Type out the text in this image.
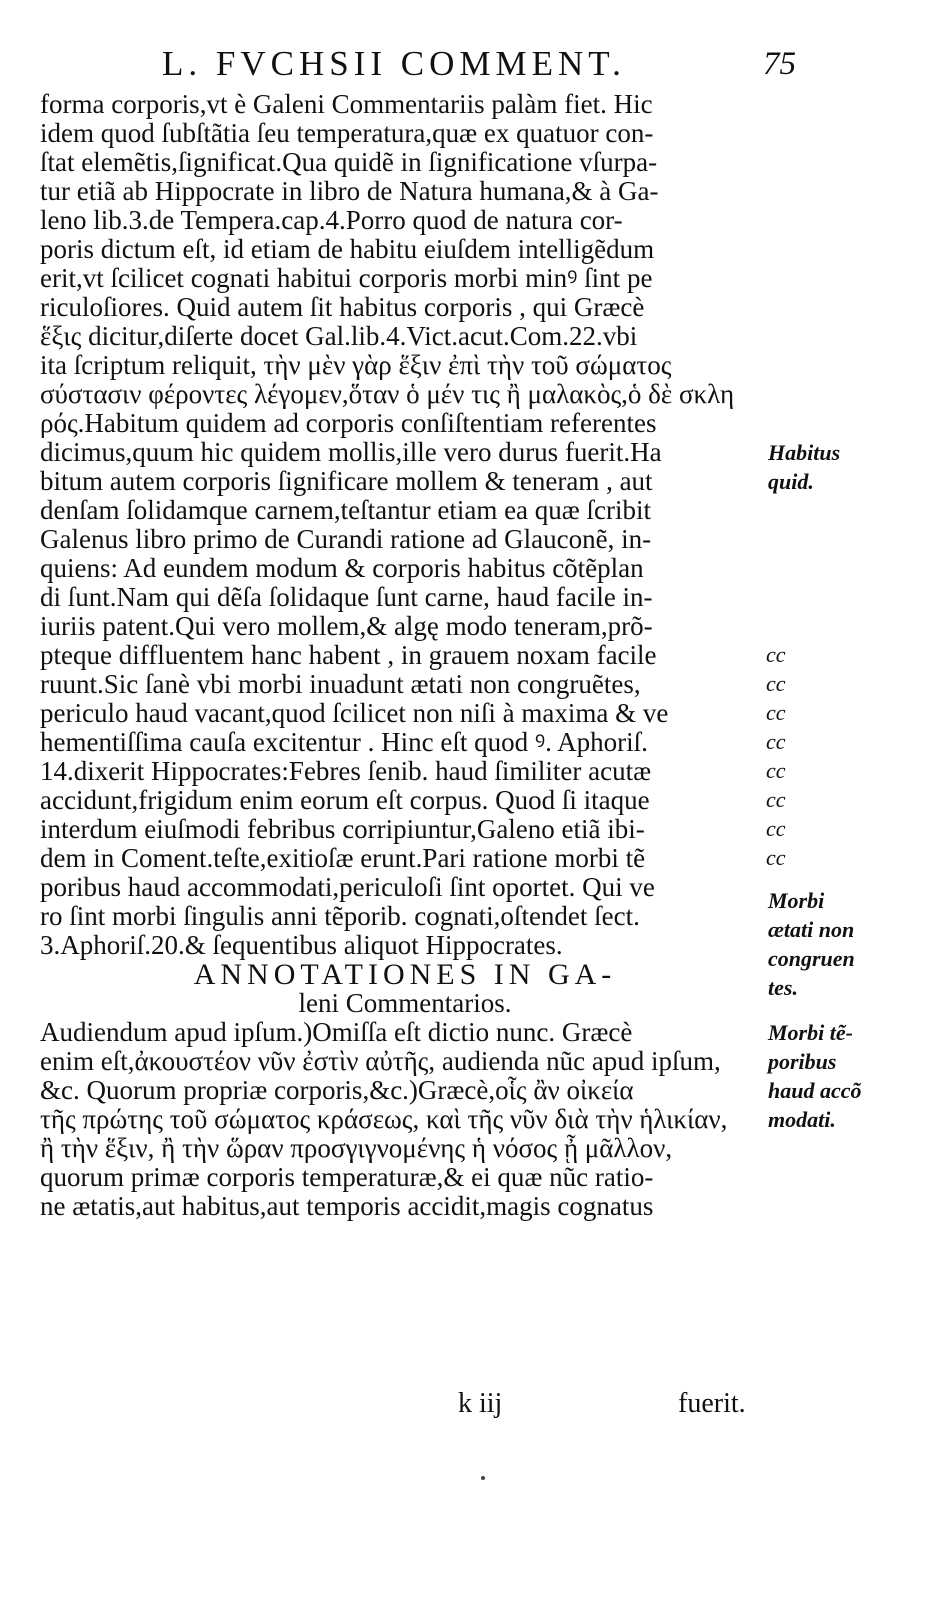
L. FVCHSII COMMENT.	75
forma corporis,vt è Galeni Commentariis palàm fiet. Hic
idem quod ſubſtãtia ſeu temperatura,quæ ex quatuor con-
ſtat elemẽtis,ſignificat.Qua quidẽ in ſignificatione vſurpa-
tur etiã ab Hippocrate in libro de Natura humana,& à Ga-
leno lib.3.de Tempera.cap.4.Porro quod de natura cor-
poris dictum eſt, id etiam de habitu eiuſdem intelligẽdum
erit,vt ſcilicet cognati habitui corporis morbi minꝰ ſint pe
riculoſiores. Quid autem ſit habitus corporis , qui Græcè
ἕξις dicitur,diſerte docet Gal.lib.4.Vict.acut.Com.22.vbi
ita ſcriptum reliquit, τὴν μὲν γὰρ ἕξιν ἐπὶ τὴν τοῦ σώματος
σύστασιν φέροντες λέγομεν,ὅταν ὁ μέν τις ἢ μαλακὸς,ὁ δὲ σκλη
ρός.Habitum quidem ad corporis conſiſtentiam referentes
dicimus,quum hic quidem mollis,ille vero durus fuerit.Ha
bitum autem corporis ſignificare mollem & teneram , aut
denſam ſolidamque carnem,teſtantur etiam ea quæ ſcribit
Galenus libro primo de Curandi ratione ad Glauconẽ, in-
quiens: Ad eundem modum & corporis habitus cõtẽplan
di ſunt.Nam qui dẽſa ſolidaque ſunt carne, haud facile in-
iuriis patent.Qui vero mollem,& algę modo teneram,prõ-
pteque diffluentem hanc habent , in grauem noxam facile
ruunt.Sic ſanè vbi morbi inuadunt ætati non congruẽtes,
periculo haud vacant,quod ſcilicet non niſi à maxima & ve
hementiſſima cauſa excitentur . Hinc eſt quod ꝰ. Aphoriſ.
14.dixerit Hippocrates:Febres ſenib. haud ſimiliter acutæ
accidunt,frigidum enim eorum eſt corpus. Quod ſi itaque
interdum eiuſmodi febribus corripiuntur,Galeno etiã ibi-
dem in Coment.teſte,exitioſæ erunt.Pari ratione morbi tẽ
poribus haud accommodati,periculoſi ſint oportet. Qui ve
ro ſint morbi ſingulis anni tẽporib. cognati,oſtendet ſect.
3.Aphoriſ.20.& ſequentibus aliquot Hippocrates.
ANNOTATIONES IN GA-
leni Commentarios.
Audiendum apud ipſum.)Omiſſa eſt dictio nunc. Græcè
enim eſt,ἀκουστέον νῦν ἐστὶν αὐτῆς, audienda nũc apud ipſum,
&c. Quorum propriæ corporis,&c.)Græcè,οἷς ἂν οἰκεία
τῆς πρώτης τοῦ σώματος κράσεως, καὶ τῆς νῦν διὰ τὴν ἡλικίαν,
ἢ τὴν ἕξιν, ἢ τὴν ὥραν προσγιγνομένης ἡ νόσος ᾖ μᾶλλον,
quorum primæ corporis temperaturæ,& ei quæ nũc ratio-
ne ætatis,aut habitus,aut temporis accidit,magis cognatus
Habitus
quid.
cc
cc
cc
cc
cc
cc
cc
cc
Morbi
ætati non
congruen
tes.
Morbi tẽ-
poribus
haud accõ
modati.
k iij	fuerit.
